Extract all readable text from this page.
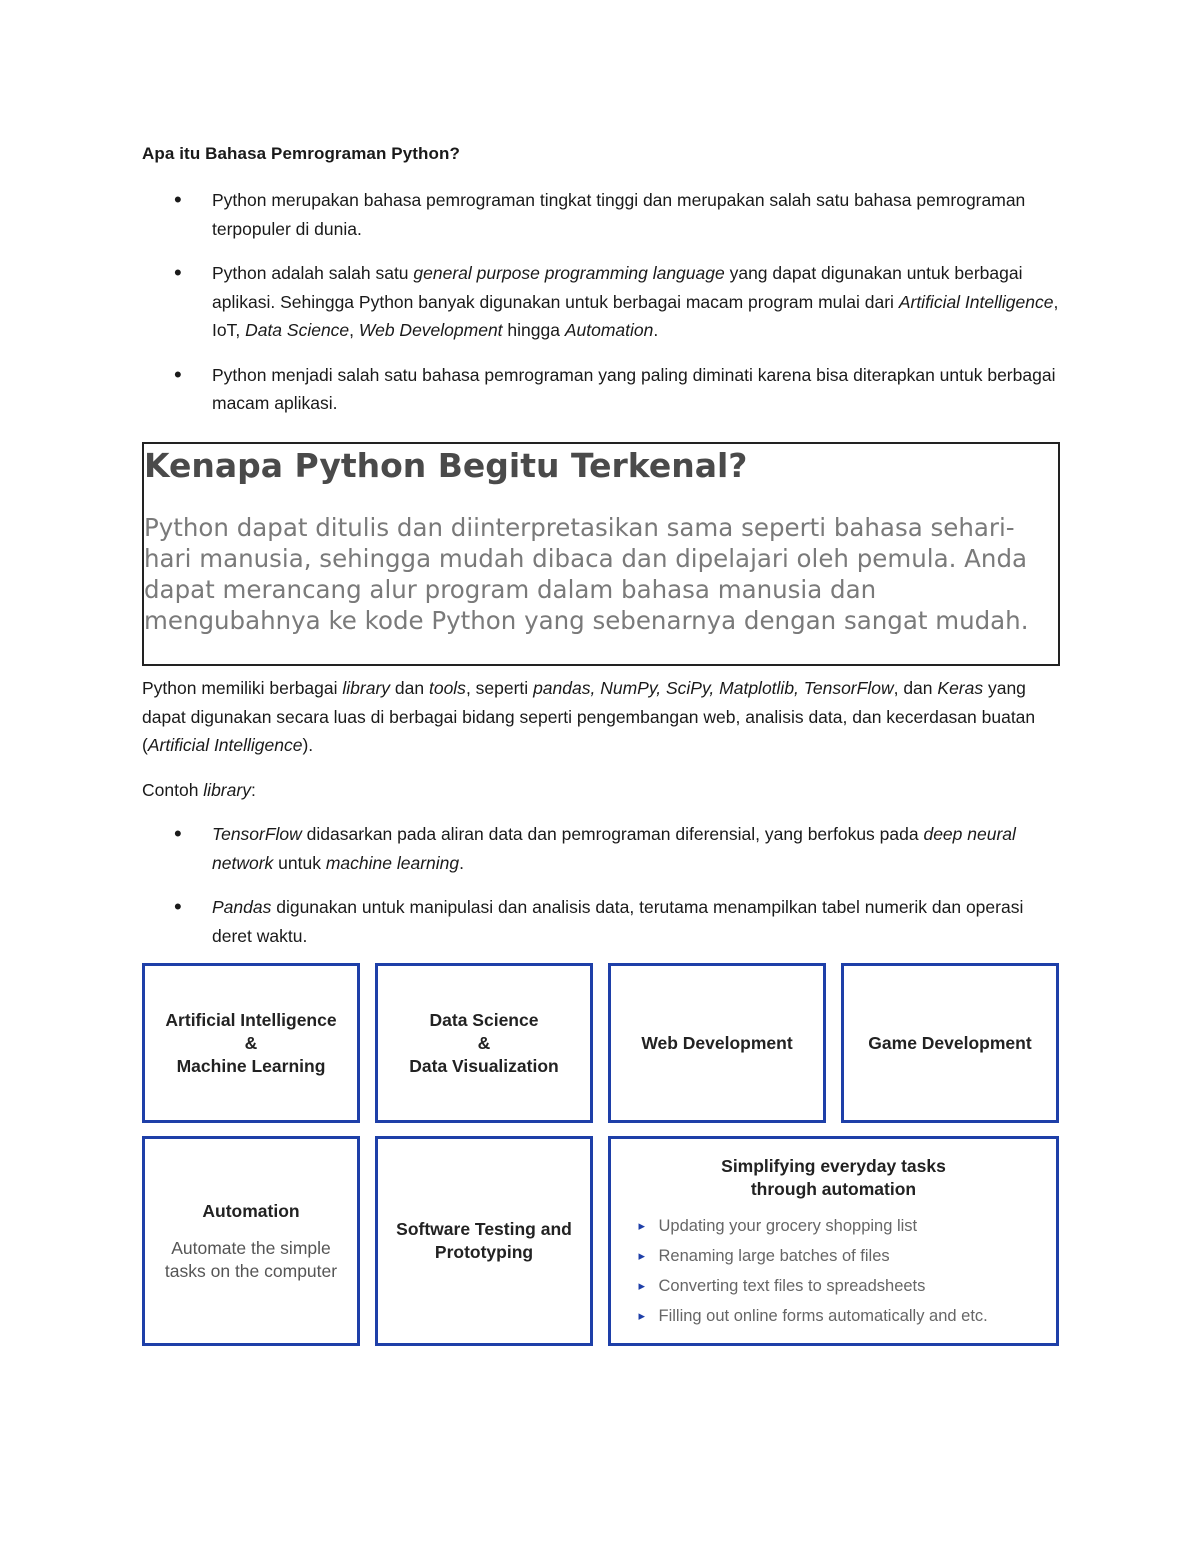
Apa itu Bahasa Pemrograman Python?
• Python merupakan bahasa pemrograman tingkat tinggi dan merupakan salah satu bahasa pemrograman terpopuler di dunia.
• Python adalah salah satu general purpose programming language yang dapat digunakan untuk berbagai aplikasi. Sehingga Python banyak digunakan untuk berbagai macam program mulai dari Artificial Intelligence, IoT, Data Science, Web Development hingga Automation.
• Python menjadi salah satu bahasa pemrograman yang paling diminati karena bisa diterapkan untuk berbagai macam aplikasi.
Kenapa Python Begitu Terkenal?
Python dapat ditulis dan diinterpretasikan sama seperti bahasa sehari-hari manusia, sehingga mudah dibaca dan dipelajari oleh pemula. Anda dapat merancang alur program dalam bahasa manusia dan mengubahnya ke kode Python yang sebenarnya dengan sangat mudah.

Python memiliki berbagai library dan tools, seperti pandas, NumPy, SciPy, Matplotlib, TensorFlow, dan Keras yang dapat digunakan secara luas di berbagai bidang seperti pengembangan web, analisis data, dan kecerdasan buatan (Artificial Intelligence).

Contoh library:

• TensorFlow didasarkan pada aliran data dan pemrograman diferensial, yang berfokus pada deep neural network untuk machine learning.
• Pandas digunakan untuk manipulasi dan analisis data, terutama menampilkan tabel numerik dan operasi deret waktu.
Artificial Intelligence
&
Machine Learning
Data Science
&
Data Visualization
Web Development	Game Development
Automation
Automate the simple
tasks on the computer
Software Testing and
Prototyping
Simplifying everyday tasks
through automation
▸ Updating your grocery shopping list
▸ Renaming large batches of files
▸ Converting text files to spreadsheets
▸ Filling out online forms automatically and etc.
